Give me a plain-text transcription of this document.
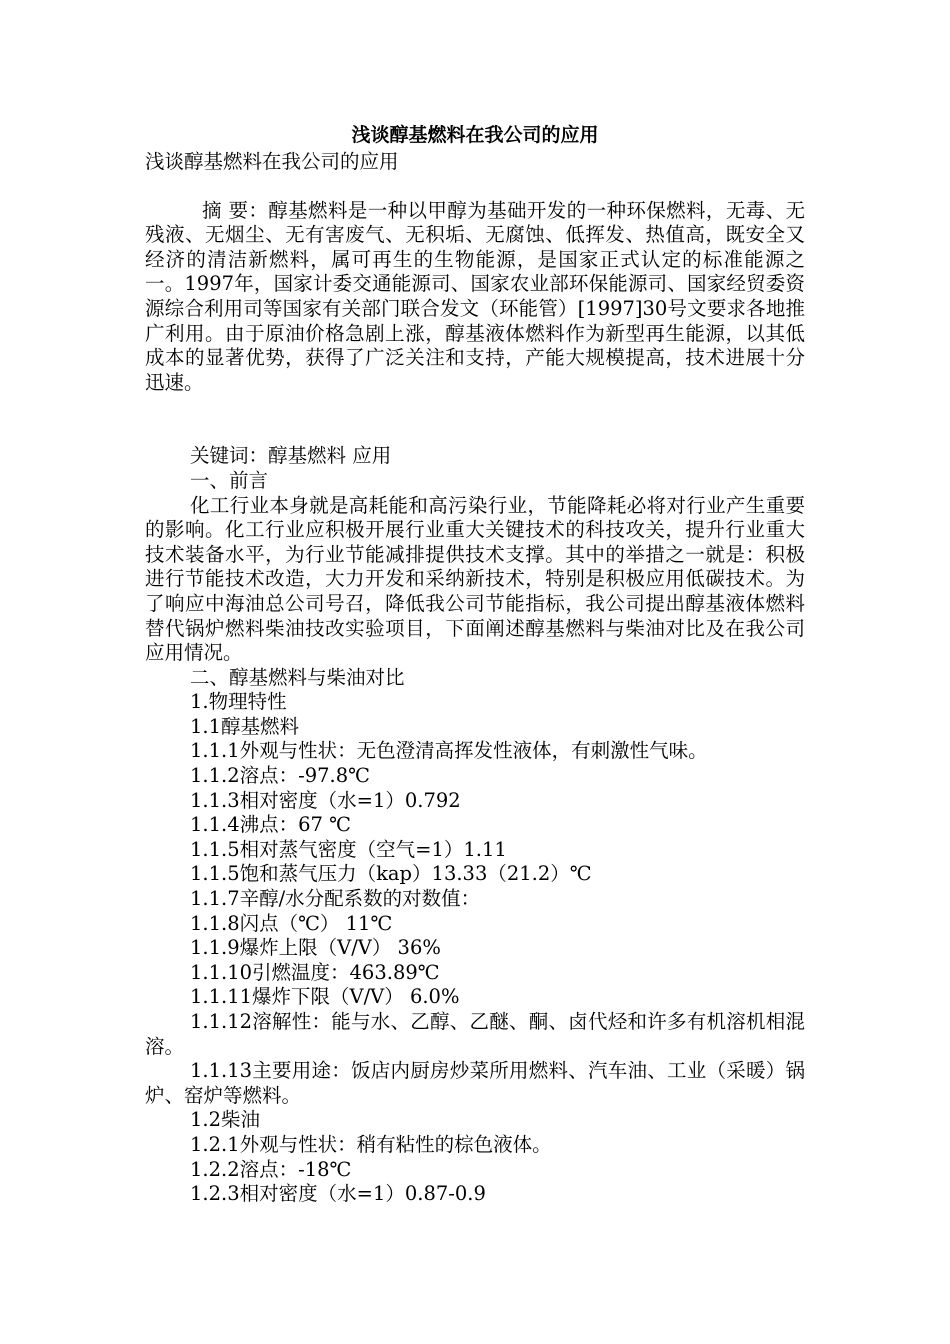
浅谈醇基燃料在我公司的应用

浅谈醇基燃料在我公司的应用

摘 要：醇基燃料是一种以甲醇为基础开发的一种环保燃料，无毒、无残液、无烟尘、无有害废气、无积垢、无腐蚀、低挥发、热值高，既安全又经济的清洁新燃料，属可再生的生物能源，是国家正式认定的标准能源之一。1997年，国家计委交通能源司、国家农业部环保能源司、国家经贸委资源综合利用司等国家有关部门联合发文（环能管）[1997]30号文要求各地推广利用。由于原油价格急剧上涨，醇基液体燃料作为新型再生能源，以其低成本的显著优势，获得了广泛关注和支持，产能大规模提高，技术进展十分迅速。

关键词：醇基燃料 应用

一、前言

化工行业本身就是高耗能和高污染行业，节能降耗必将对行业产生重要的影响。化工行业应积极开展行业重大关键技术的科技攻关，提升行业重大技术装备水平，为行业节能减排提供技术支撑。其中的举措之一就是：积极进行节能技术改造，大力开发和采纳新技术，特别是积极应用低碳技术。为了响应中海油总公司号召，降低我公司节能指标，我公司提出醇基液体燃料替代锅炉燃料柴油技改实验项目，下面阐述醇基燃料与柴油对比及在我公司应用情况。

二、醇基燃料与柴油对比

1.物理特性

1.1醇基燃料

1.1.1外观与性状：无色澄清高挥发性液体，有刺激性气味。

1.1.2溶点：-97.8℃

1.1.3相对密度（水=1）0.792

1.1.4沸点：67 ℃

1.1.5相对蒸气密度（空气=1）1.11

1.1.5饱和蒸气压力（kap）13.33（21.2）℃

1.1.7辛醇/水分配系数的对数值：

1.1.8闪点（℃） 11℃

1.1.9爆炸上限（V/V） 36%

1.1.10引燃温度：463.89℃

1.1.11爆炸下限（V/V） 6.0%

1.1.12溶解性：能与水、乙醇、乙醚、酮、卤代烃和许多有机溶机相混溶。

1.1.13主要用途：饭店内厨房炒菜所用燃料、汽车油、工业（采暖）锅炉、窑炉等燃料。

1.2柴油

1.2.1外观与性状：稍有粘性的棕色液体。

1.2.2溶点：-18℃

1.2.3相对密度（水=1）0.87-0.9
